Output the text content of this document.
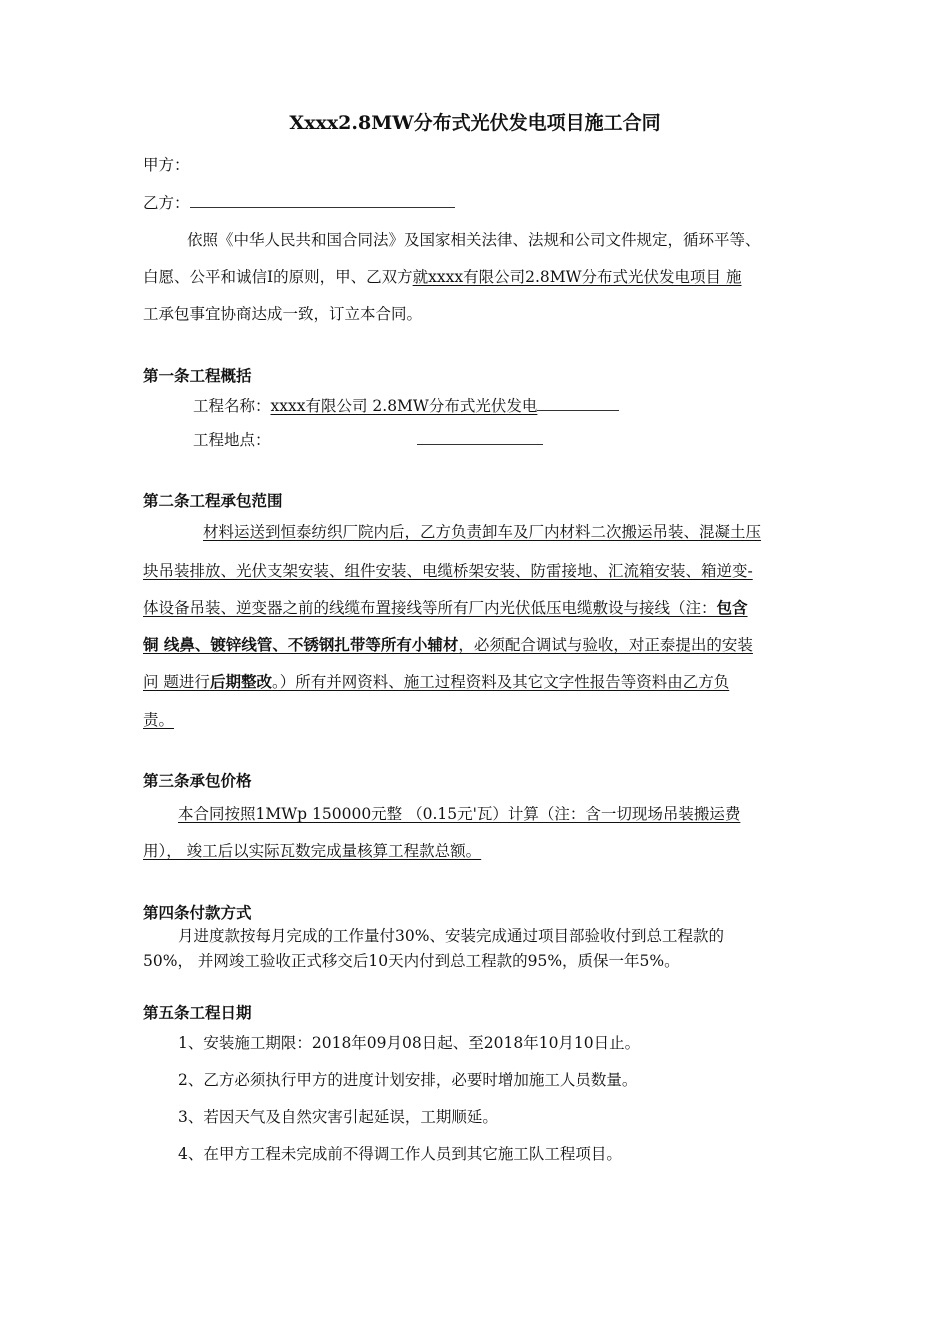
Xxxx2.8MW分布式光伏发电项目施工合同
甲方：
乙方：
依照《中华人民共和国合同法》及国家相关法律、法规和公司文件规定，循环平等、
白愿、公平和诚信I的原则，甲、乙双方就xxxx有限公司2.8MW分布式光伏发电项目 施
工承包事宜协商达成一致，订立本合同。
第一条工程概括
工程名称：xxxx有限公司 2.8MW分布式光伏发电
工程地点：
第二条工程承包范围
材料运送到恒泰纺织厂院内后，乙方负责卸车及厂内材料二次搬运吊装、混凝土压
块吊装排放、光伏支架安装、组件安装、电缆桥架安装、防雷接地、汇流箱安装、箱逆变-
体设备吊装、逆变器之前的线缆布置接线等所有厂内光伏低压电缆敷设与接线（注：包含
铜 线鼻、镀锌线管、不锈钢扎带等所有小辅材，必须配合调试与验收，对正泰提出的安装
问 题进行后期整改。）所有并网资料、施工过程资料及其它文字性报告等资料由乙方负
责。
第三条承包价格
本合同按照1MWp 150000元整 （0.15元'瓦）计算（注：含一切现场吊装搬运费
用）， 竣工后以实际瓦数完成量核算工程款总额。
第四条付款方式
月进度款按每月完成的工作量付30%、安装完成通过项目部验收付到总工程款的
50%， 并网竣工验收正式移交后10天内付到总工程款的95%，质保一年5%。
第五条工程日期
1、安装施工期限：2018年09月08日起、至2018年10月10日止。
2、乙方必须执行甲方的进度计划安排，必要时增加施工人员数量。
3、若因天气及自然灾害引起延误，工期顺延。
4、在甲方工程未完成前不得调工作人员到其它施工队工程项目。
